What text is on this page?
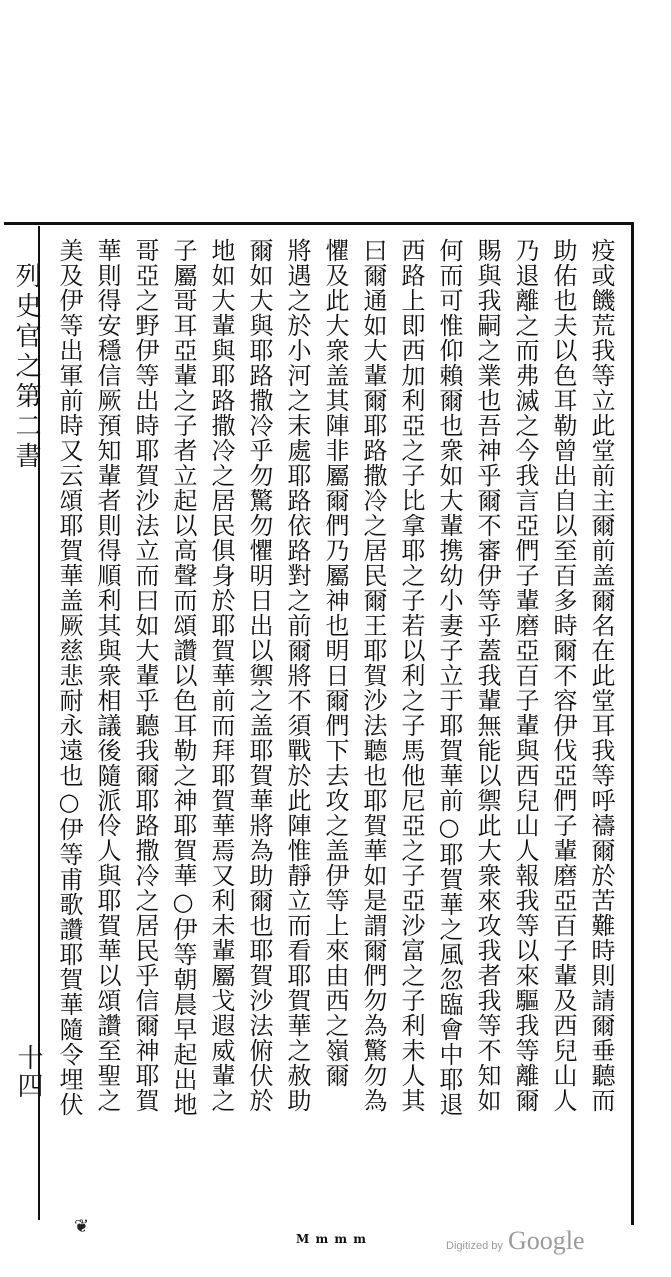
列史官之第二書
十四	疫或饑荒我等立此堂前主爾前盖爾名在此堂耳我等呼禱爾於苦難時則請爾垂聽而
助佑也夫以色耳勒曾出自以至百多時爾不容伊伐亞們子輩磨亞百子輩及西兒山人
乃退離之而弗滅之今我言亞們子輩磨亞百子輩與西兒山人報我等以來驅我等離爾
賜與我嗣之業也吾神乎爾不審伊等乎蓋我輩無能以禦此大衆來攻我者我等不知如
何而可惟仰賴爾也衆如大輩携幼小妻子立于耶賀華前○耶賀華之風忽臨會中耶退
西路上即西加利亞之子比拿耶之子若以利之子馬他尼亞之子亞沙富之子利未人其
曰爾通如大輩爾耶路撒冷之居民爾王耶賀沙法聽也耶賀華如是謂爾們勿為驚勿為
懼及此大衆盖其陣非屬爾們乃屬神也明日爾們下去攻之盖伊等上來由西之嶺爾
將遇之於小河之末處耶路依路對之前爾將不須戰於此陣惟靜立而看耶賀華之赦助
爾如大與耶路撒冷乎勿驚勿懼明日出以禦之盖耶賀華將為助爾也耶賀沙法俯伏於
地如大輩與耶路撒冷之居民俱身於耶賀華前而拜耶賀華焉又利未輩屬戈遐威輩之
子屬哥耳亞輩之子者立起以高聲而頌讚以色耳勒之神耶賀華○伊等朝晨早起出地
哥亞之野伊等出時耶賀沙法立而曰如大輩乎聽我爾耶路撒冷之居民乎信爾神耶賀
華則得安穩信厥預知輩者則得順利其與衆相議後隨派伶人與耶賀華以頌讚至聖之
美及伊等出軍前時又云頌耶賀華盖厥慈悲耐永遠也○伊等甫歌讚耶賀華隨令埋伏
❦
M m m m	Digitized by Google
